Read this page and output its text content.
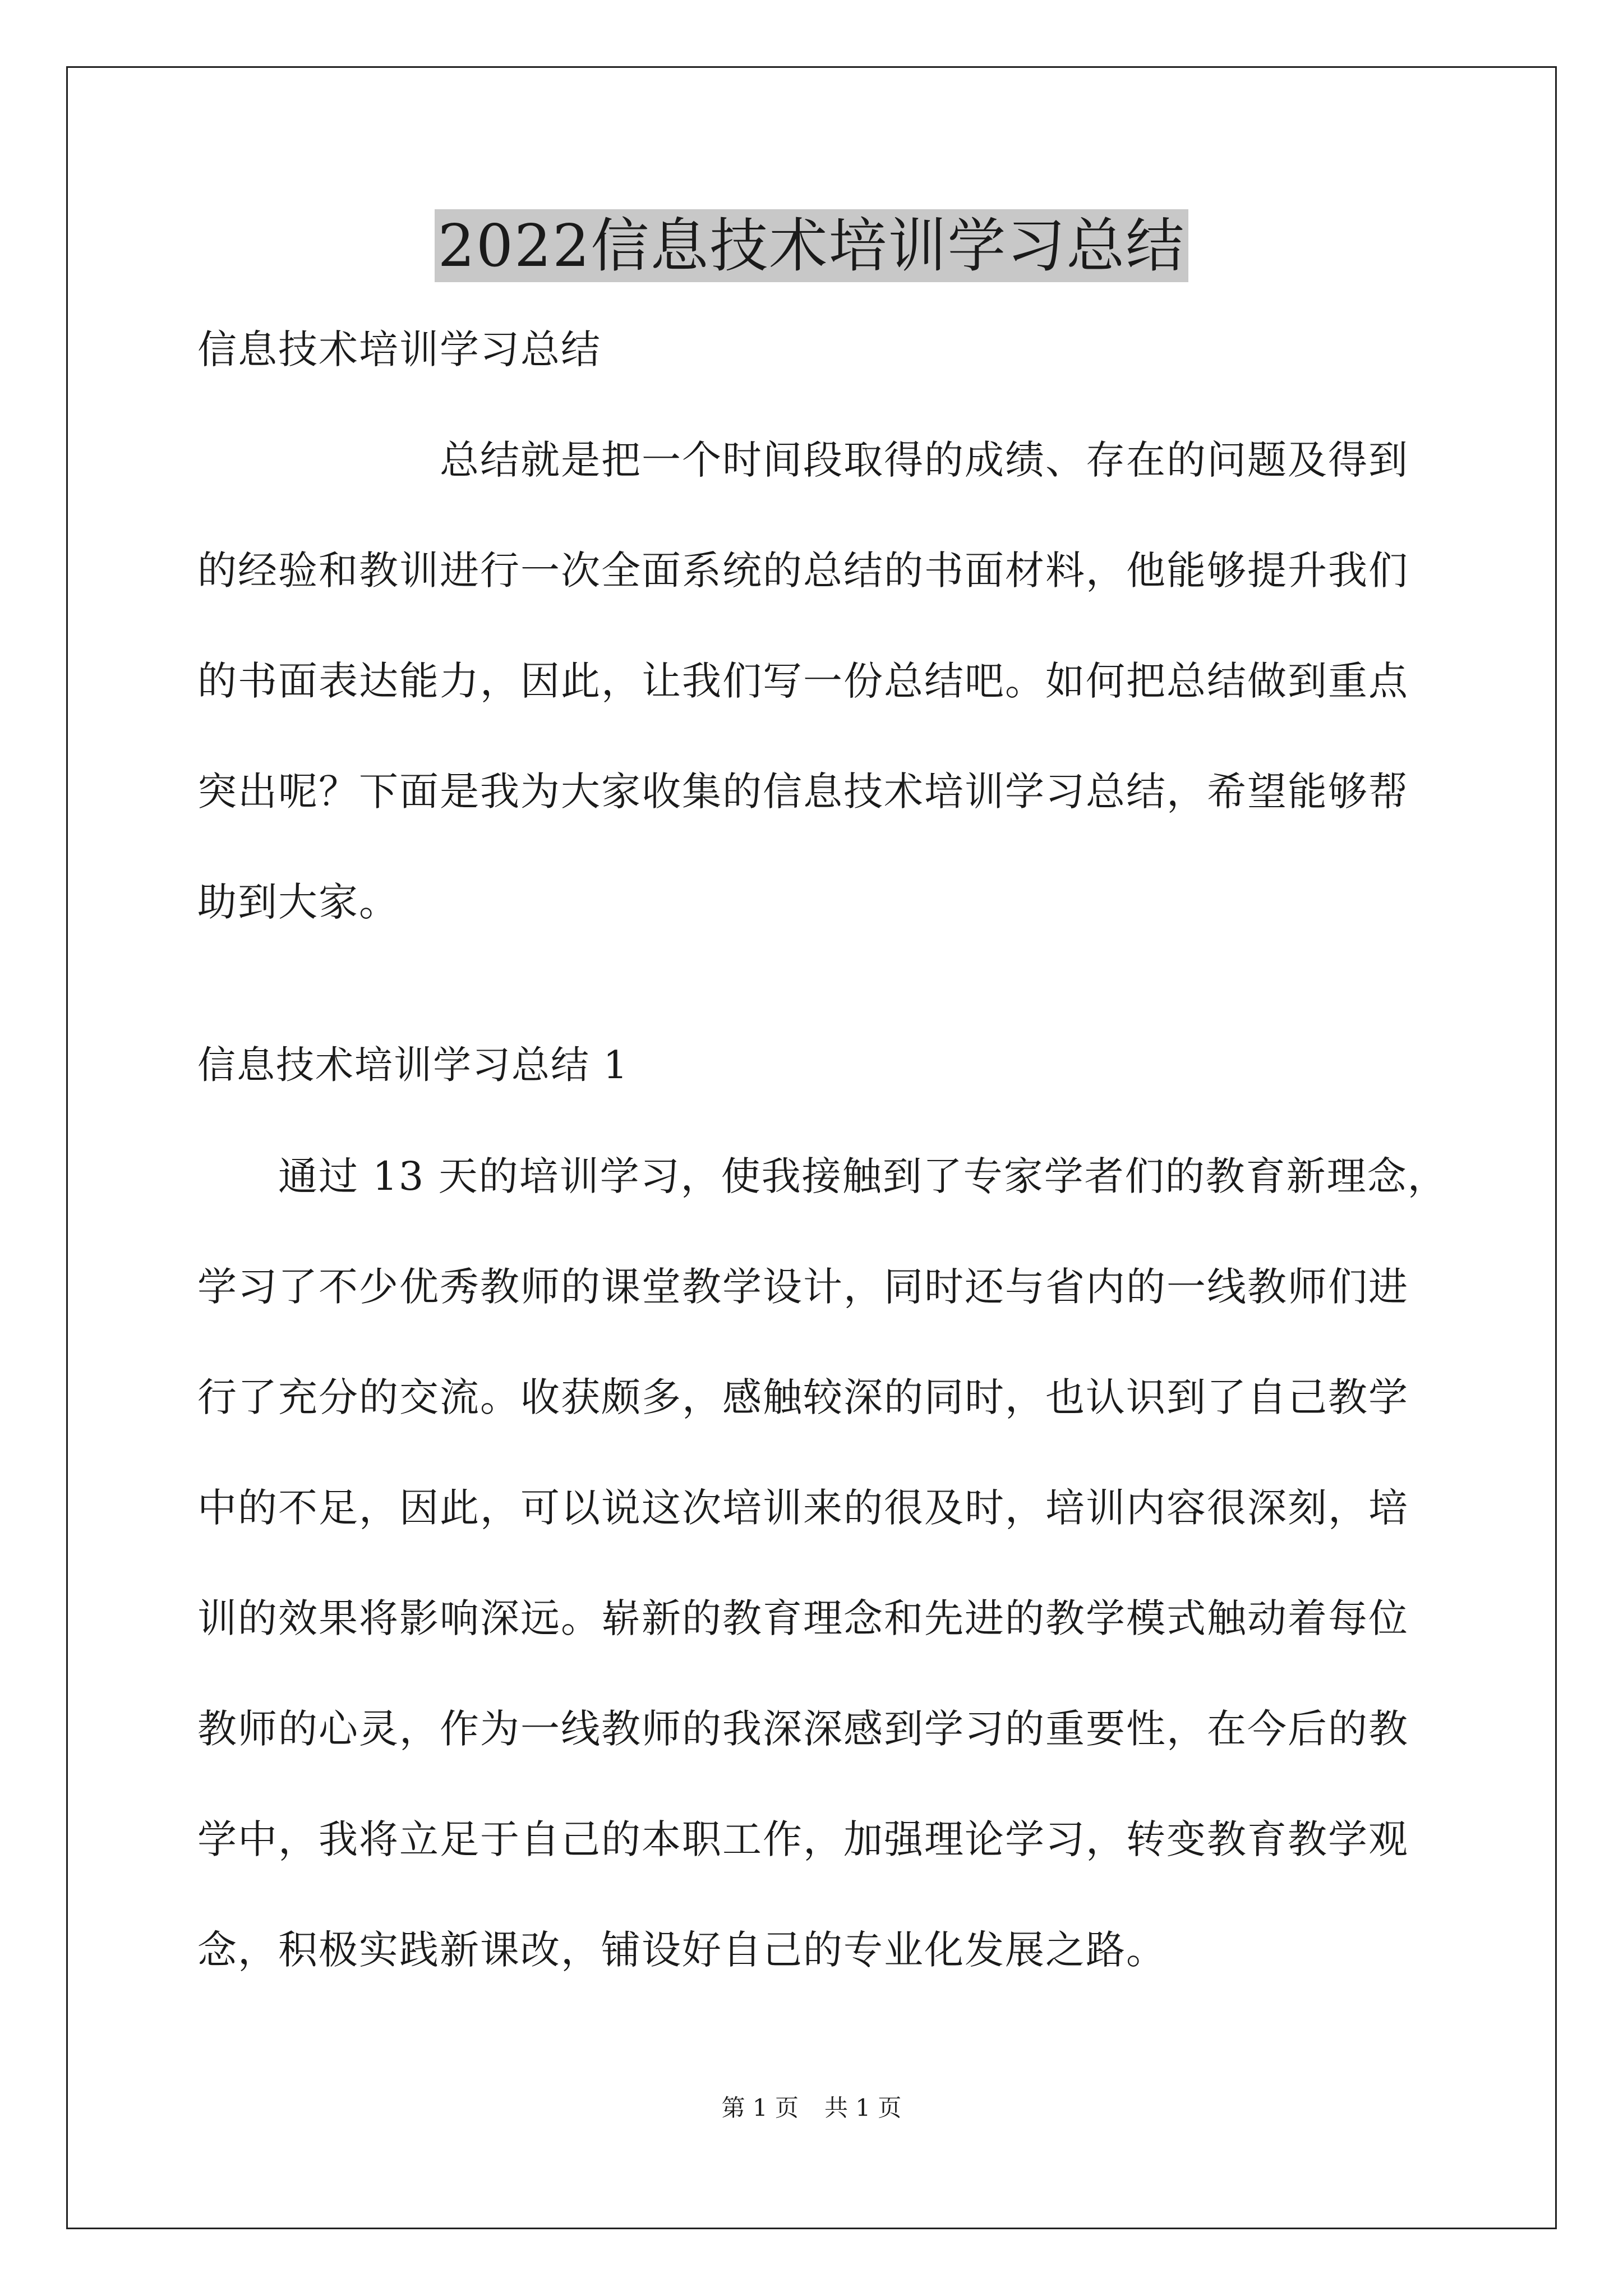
2022信息技术培训学习总结
信息技术培训学习总结
　　　　　　总结就是把一个时间段取得的成绩、存在的问题及得到
的经验和教训进行一次全面系统的总结的书面材料，他能够提升我们
的书面表达能力，因此，让我们写一份总结吧。如何把总结做到重点
突出呢？下面是我为大家收集的信息技术培训学习总结，希望能够帮
助到大家。
信息技术培训学习总结 1
　　通过 13 天的培训学习，使我接触到了专家学者们的教育新理念，
学习了不少优秀教师的课堂教学设计，同时还与省内的一线教师们进
行了充分的交流。收获颇多，感触较深的同时，也认识到了自己教学
中的不足，因此，可以说这次培训来的很及时，培训内容很深刻，培
训的效果将影响深远。崭新的教育理念和先进的教学模式触动着每位
教师的心灵，作为一线教师的我深深感到学习的重要性，在今后的教
学中，我将立足于自己的本职工作，加强理论学习，转变教育教学观
念，积极实践新课改，铺设好自己的专业化发展之路。
第 1 页 共 1 页
